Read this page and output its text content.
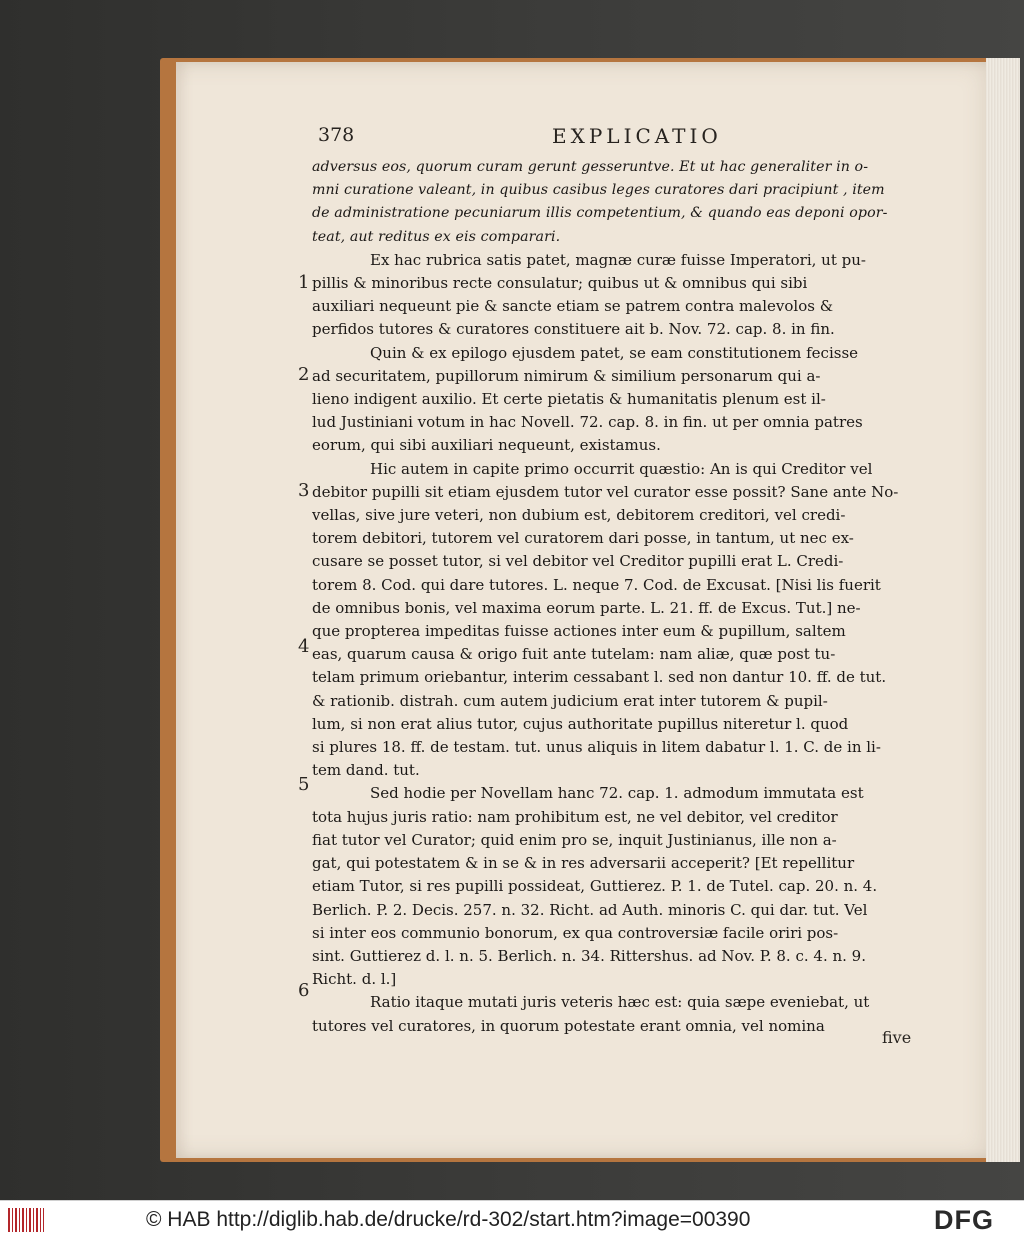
378	EXPLICATIO

adversus eos, quorum curam gerunt gesseruntve. Et ut hac generaliter in o-
mni curatione valeant, in quibus casibus leges curatores dari pracipiunt , item
de administratione pecuniarum illis competentium, & quando eas deponi opor-
teat, aut reditus ex eis comparari.

Ex hac rubrica satis patet, magnæ curæ fuisse Imperatori, ut pu-
pillis & minoribus recte consulatur; quibus ut & omnibus qui sibi
auxiliari nequeunt pie & sancte etiam se patrem contra malevolos &
perfidos tutores & curatores constituere ait b. Nov. 72. cap. 8. in fin.

Quin & ex epilogo ejusdem patet, se eam constitutionem fecisse
ad securitatem, pupillorum nimirum & similium personarum qui a-
lieno indigent auxilio. Et certe pietatis & humanitatis plenum est il-
lud Justiniani votum in hac Novell. 72. cap. 8. in fin. ut per omnia patres
eorum, qui sibi auxiliari nequeunt, existamus.

Hic autem in capite primo occurrit quæstio: An is qui Creditor vel
debitor pupilli sit etiam ejusdem tutor vel curator esse possit? Sane ante No-
vellas, sive jure veteri, non dubium est, debitorem creditori, vel credi-
torem debitori, tutorem vel curatorem dari posse, in tantum, ut nec ex-
cusare se posset tutor, si vel debitor vel Creditor pupilli erat L. Credi-
torem 8. Cod. qui dare tutores. L. neque 7. Cod. de Excusat. [Nisi lis fuerit
de omnibus bonis, vel maxima eorum parte. L. 21. ff. de Excus. Tut.] ne-
que propterea impeditas fuisse actiones inter eum & pupillum, saltem
eas, quarum causa & origo fuit ante tutelam: nam aliæ, quæ post tu-
telam primum oriebantur, interim cessabant l. sed non dantur 10. ff. de tut.
& rationib. distrah. cum autem judicium erat inter tutorem & pupil-
lum, si non erat alius tutor, cujus authoritate pupillus niteretur l. quod
si plures 18. ff. de testam. tut. unus aliquis in litem dabatur l. 1. C. de in li-
tem dand. tut.

Sed hodie per Novellam hanc 72. cap. 1. admodum immutata est
tota hujus juris ratio: nam prohibitum est, ne vel debitor, vel creditor
fiat tutor vel Curator; quid enim pro se, inquit Justinianus, ille non a-
gat, qui potestatem & in se & in res adversarii acceperit? [Et repellitur
etiam Tutor, si res pupilli possideat, Guttierez. P. 1. de Tutel. cap. 20. n. 4.
Berlich. P. 2. Decis. 257. n. 32. Richt. ad Auth. minoris C. qui dar. tut. Vel
si inter eos communio bonorum, ex qua controversiæ facile oriri pos-
sint. Guttierez d. l. n. 5. Berlich. n. 34. Rittershus. ad Nov. P. 8. c. 4. n. 9.
Richt. d. l.]

Ratio itaque mutati juris veteris hæc est: quia sæpe eveniebat, ut
tutores vel curatores, in quorum potestate erant omnia, vel nomina

1
2
3
4
5
6
five
© HAB http://diglib.hab.de/drucke/rd-302/start.htm?image=00390	DFG
